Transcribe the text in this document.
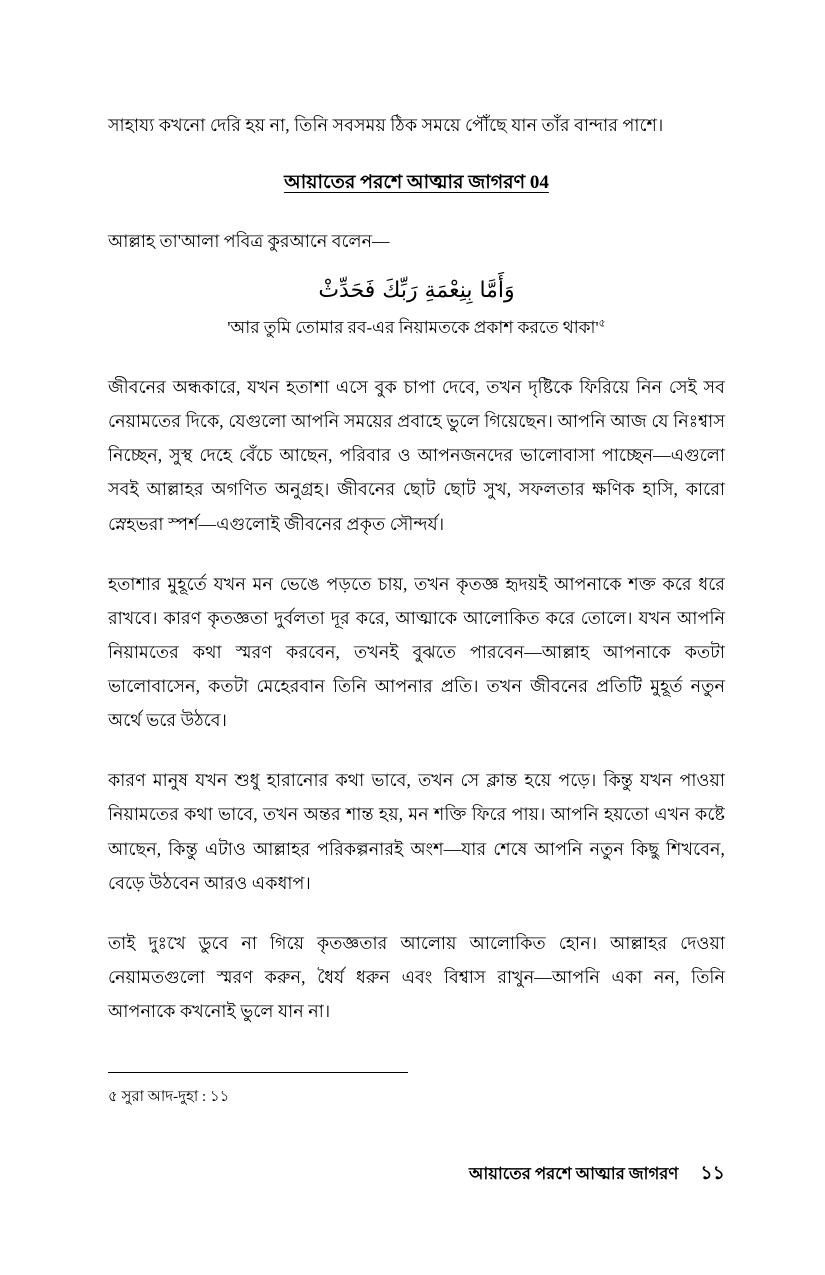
সাহায্য কখনো দেরি হয় না, তিনি সবসময় ঠিক সময়ে পৌঁছে যান তাঁর বান্দার পাশে।
আয়াতের পরশে আত্মার জাগরণ 04
আল্লাহ তা'আলা পবিত্র কুরআনে বলেন—
وَأَمَّا بِنِعْمَةِ رَبِّكَ فَحَدِّثْ
'আর তুমি তোমার রব-এর নিয়ামতকে প্রকাশ করতে $থাকা'^৫$
জীবনের অন্ধকারে, যখন হতাশা এসে বুক চাপা দেবে, তখন দৃষ্টিকে ফিরিয়ে নিন সেই সব নেয়ামতের দিকে, যেগুলো আপনি সময়ের প্রবাহে ভুলে গিয়েছেন। আপনি আজ যে নিঃশ্বাস নিচ্ছেন, সুস্থ দেহে বেঁচে আছেন, পরিবার ও আপনজনদের ভালোবাসা পাচ্ছেন—এগুলো সবই আল্লাহর অগণিত অনুগ্রহ। জীবনের ছোট ছোট সুখ, সফলতার ক্ষণিক হাসি, কারো স্নেহভরা স্পর্শ—এগুলোই জীবনের প্রকৃত সৌন্দর্য।
হতাশার মুহূর্তে যখন মন ভেঙে পড়তে চায়, তখন কৃতজ্ঞ হৃদয়ই আপনাকে শক্ত করে ধরে রাখবে। কারণ কৃতজ্ঞতা দুর্বলতা দূর করে, আত্মাকে আলোকিত করে তোলে। যখন আপনি নিয়ামতের কথা স্মরণ করবেন, তখনই বুঝতে পারবেন—আল্লাহ আপনাকে কতটা ভালোবাসেন, কতটা মেহেরবান তিনি আপনার প্রতি। তখন জীবনের প্রতিটি মুহূর্ত নতুন অর্থে ভরে উঠবে।
কারণ মানুষ যখন শুধু হারানোর কথা ভাবে, তখন সে ক্লান্ত হয়ে পড়ে। কিন্তু যখন পাওয়া নিয়ামতের কথা ভাবে, তখন অন্তর শান্ত হয়, মন শক্তি ফিরে পায়। আপনি হয়তো এখন কষ্টে আছেন, কিন্তু এটাও আল্লাহর পরিকল্পনারই অংশ—যার শেষে আপনি নতুন কিছু শিখবেন, বেড়ে উঠবেন আরও একধাপ।
তাই দুঃখে ডুবে না গিয়ে কৃতজ্ঞতার আলোয় আলোকিত হোন। আল্লাহর দেওয়া নেয়ামতগুলো স্মরণ করুন, ধৈর্য ধরুন এবং বিশ্বাস রাখুন—আপনি একা নন, তিনি আপনাকে কখনোই ভুলে যান না।
৫ সুরা আদ-দুহা : ১১
আয়াতের পরশে আত্মার জাগরণ ১১
